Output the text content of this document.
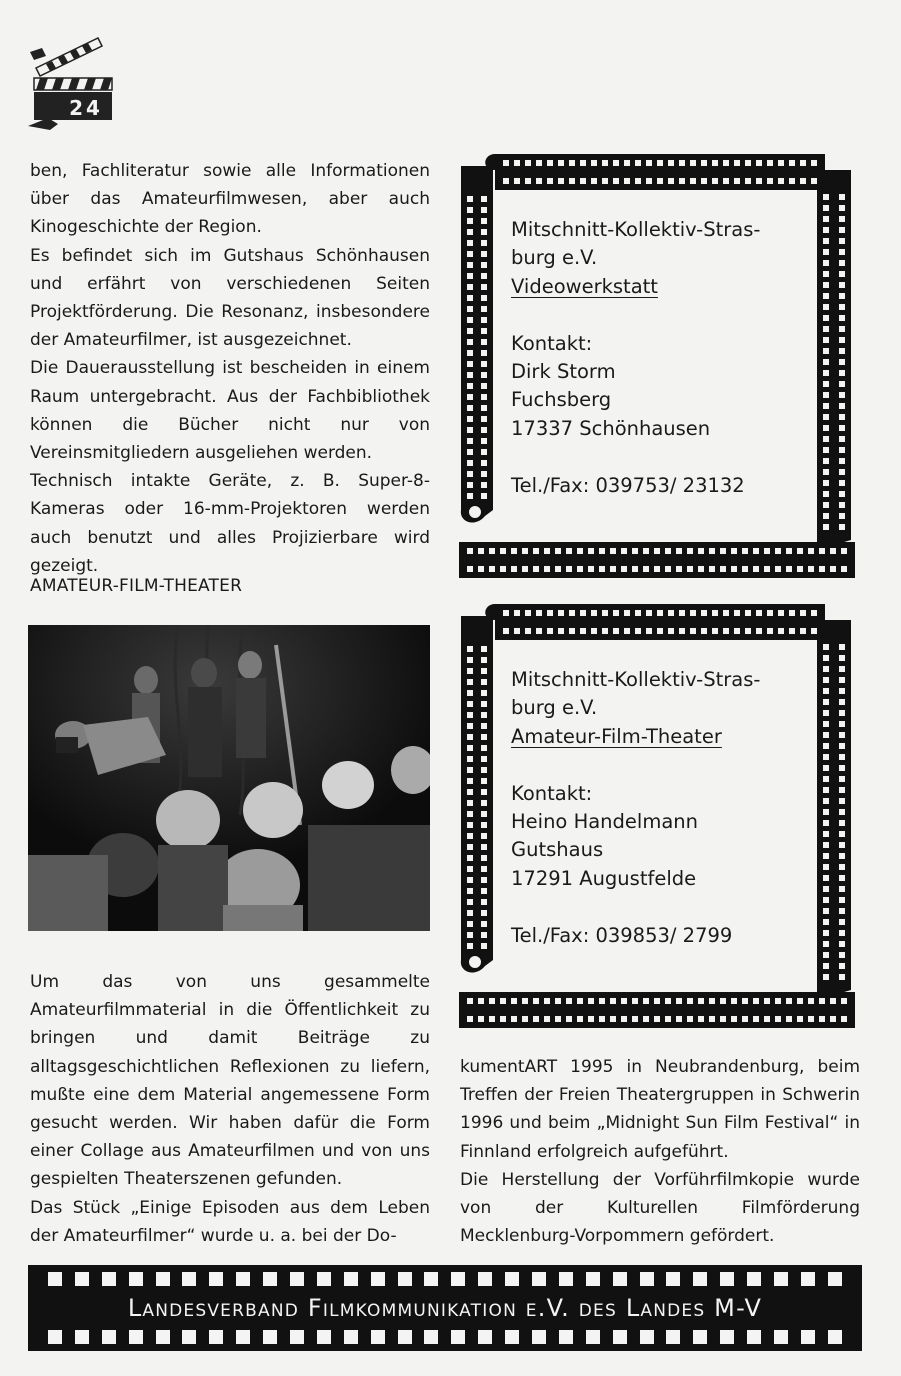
24

ben, Fachliteratur sowie alle Informationen über das Amateurfilmwesen, aber auch Kinogeschichte der Region.

Es befindet sich im Gutshaus Schönhausen und erfährt von verschiedenen Seiten Projektförderung. Die Resonanz, insbesondere der Amateurfilmer, ist ausgezeichnet.

Die Dauerausstellung ist bescheiden in einem Raum untergebracht. Aus der Fachbibliothek können die Bücher nicht nur von Vereinsmitgliedern ausgeliehen werden.

Technisch intakte Geräte, z. B. Super-8-Kameras oder 16-mm-Projektoren werden auch benutzt und alles Projizierbare wird gezeigt.

AMATEUR-FILM-THEATER

Um das von uns gesammelte Amateurfilmmaterial in die Öffentlichkeit zu bringen und damit Beiträge zu alltagsgeschichtlichen Reflexionen zu liefern, mußte eine dem Material angemessene Form gesucht werden. Wir haben dafür die Form einer Collage aus Amateurfilmen und von uns gespielten Theaterszenen gefunden.

Das Stück „Einige Episoden aus dem Leben der Amateurfilmer“ wurde u. a. bei der Do-

kumentART 1995 in Neubrandenburg, beim Treffen der Freien Theatergruppen in Schwerin 1996 und beim „Midnight Sun Film Festival“ in Finnland erfolgreich aufgeführt.

Die Herstellung der Vorführfilmkopie wurde von der Kulturellen Filmförderung Mecklenburg-Vorpommern gefördert.

Mitschnitt-Kollektiv-Stras-
burg e.V.
Videowerkstatt
Kontakt:
Dirk Storm
Fuchsberg
17337 Schönhausen
Tel./Fax: 039753/ 23132
Mitschnitt-Kollektiv-Stras-
burg e.V.
Amateur-Film-Theater
Kontakt:
Heino Handelmann
Gutshaus
17291 Augustfelde
Tel./Fax: 039853/ 2799
Landesverband Filmkommunikation e.V. des Landes M-V
